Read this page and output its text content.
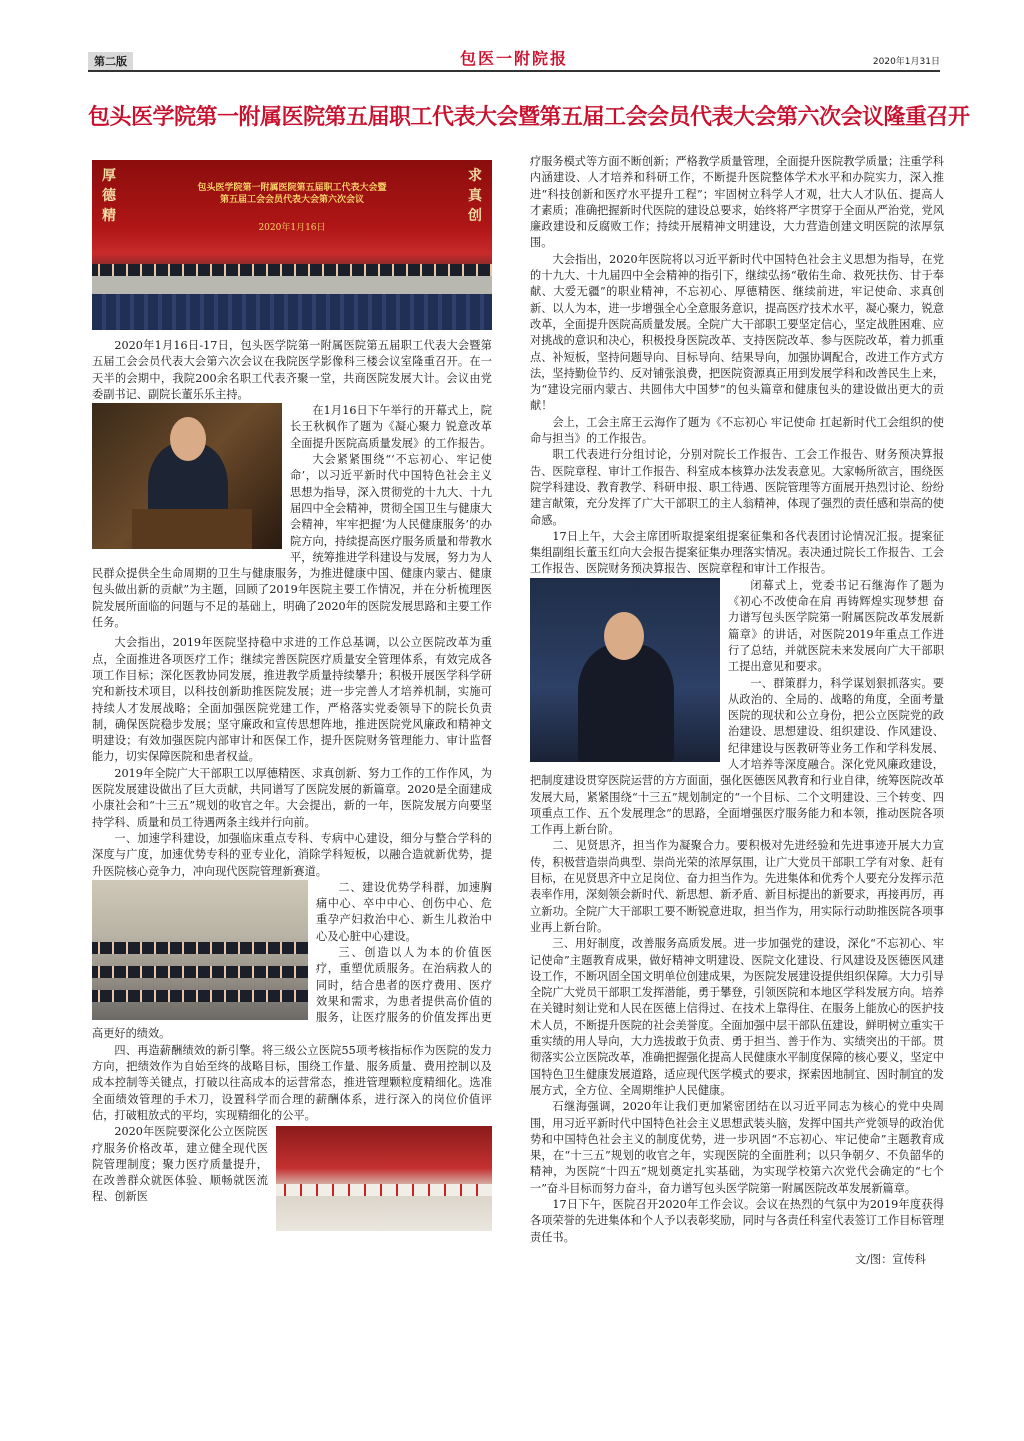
第二版	包医一附院报	2020年1月31日
包头医学院第一附属医院第五届职工代表大会暨第五届工会会员代表大会第六次会议隆重召开
厚德精
求真创
包头医学院第一附属医院第五届职工代表大会暨
第五届工会会员代表大会第六次会议
2020年1月16日

2020年1月16日-17日，包头医学院第一附属医院第五届职工代表大会暨第五届工会会员代表大会第六次会议在我院医学影像科三楼会议室隆重召开。在一天半的会期中，我院200余名职工代表齐聚一堂，共商医院发展大计。会议由党委副书记、副院长董乐乐主持。

在1月16日下午举行的开幕式上，院长王秋枫作了题为《凝心聚力 锐意改革 全面提升医院高质量发展》的工作报告。

大会紧紧围绕“‘不忘初心、牢记使命’，以习近平新时代中国特色社会主义思想为指导，深入贯彻党的十九大、十九届四中全会精神，贯彻全国卫生与健康大会精神，牢牢把握‘为人民健康服务’的办院方向，持续提高医疗服务质量和带教水平，统筹推进学科建设与发展，努力为人民群众提供全生命周期的卫生与健康服务，为推进健康中国、健康内蒙古、健康包头做出新的贡献”为主题，回顾了2019年医院主要工作情况，并在分析梳理医院发展所面临的问题与不足的基础上，明确了2020年的医院发展思路和主要工作任务。

大会指出，2019年医院坚持稳中求进的工作总基调，以公立医院改革为重点，全面推进各项医疗工作；继续完善医院医疗质量安全管理体系，有效完成各项工作目标；深化医教协同发展，推进教学质量持续攀升；积极开展医学科学研究和新技术项目，以科技创新助推医院发展；进一步完善人才培养机制，实施可持续人才发展战略；全面加强医院党建工作，严格落实党委领导下的院长负责制，确保医院稳步发展；坚守廉政和宣传思想阵地，推进医院党风廉政和精神文明建设；有效加强医院内部审计和医保工作，提升医院财务管理能力、审计监督能力，切实保障医院和患者权益。

2019年全院广大干部职工以厚德精医、求真创新、努力工作的工作作风，为医院发展建设做出了巨大贡献，共同谱写了医院发展的新篇章。2020是全面建成小康社会和“十三五”规划的收官之年。大会提出，新的一年，医院发展方向要坚持学科、质量和员工待遇两条主线并行向前。

一、加速学科建设，加强临床重点专科、专病中心建设，细分与整合学科的深度与广度，加速优势专科的亚专业化，消除学科短板，以融合造就新优势，提升医院核心竞争力，冲向现代医院管理新赛道。

二、建设优势学科群，加速胸痛中心、卒中中心、创伤中心、危重孕产妇救治中心、新生儿救治中心及心脏中心建设。

三、创造以人为本的价值医疗，重塑优质服务。在治病救人的同时，结合患者的医疗费用、医疗效果和需求，为患者提供高价值的服务，让医疗服务的价值发挥出更高更好的绩效。

四、再造薪酬绩效的新引擎。将三级公立医院55项考核指标作为医院的发力方向，把绩效作为自始至终的战略目标，围绕工作量、服务质量、费用控制以及成本控制等关键点，打破以往高成本的运营常态，推进管理颗粒度精细化。选准全面绩效管理的手术刀，设置科学而合理的薪酬体系，进行深入的岗位价值评估，打破粗放式的平均，实现精细化的公平。

2020年医院要深化公立医院医疗服务价格改革，建立健全现代医院管理制度；聚力医疗质量提升，在改善群众就医体验、顺畅就医流程、创新医

疗服务模式等方面不断创新；严格教学质量管理，全面提升医院教学质量；注重学科内涵建设、人才培养和科研工作，不断提升医院整体学术水平和办院实力，深入推进“科技创新和医疗水平提升工程”；牢固树立科学人才观，壮大人才队伍、提高人才素质；准确把握新时代医院的建设总要求，始终将严字贯穿于全面从严治党，党风廉政建设和反腐败工作；持续开展精神文明建设，大力营造创建文明医院的浓厚氛围。

大会指出，2020年医院将以习近平新时代中国特色社会主义思想为指导，在党的十九大、十九届四中全会精神的指引下，继续弘扬“敬佑生命、救死扶伤、甘于奉献、大爱无疆”的职业精神，不忘初心、厚德精医、继续前进，牢记使命、求真创新、以人为本，进一步增强全心全意服务意识，提高医疗技术水平，凝心聚力，锐意改革，全面提升医院高质量发展。全院广大干部职工要坚定信心，坚定战胜困难、应对挑战的意识和决心，积极投身医院改革、支持医院改革、参与医院改革，着力抓重点、补短板，坚持问题导向、目标导向、结果导向，加强协调配合，改进工作方式方法，坚持勤俭节约、反对铺张浪费，把医院资源真正用到发展学科和改善民生上来，为“建设完丽内蒙古、共圆伟大中国梦”的包头篇章和健康包头的建设做出更大的贡献！

会上，工会主席王云海作了题为《不忘初心 牢记使命 扛起新时代工会组织的使命与担当》的工作报告。

职工代表进行分组讨论，分别对院长工作报告、工会工作报告、财务预决算报告、医院章程、审计工作报告、科室成本核算办法发表意见。大家畅所欲言，围绕医院学科建设、教育教学、科研申报、职工待遇、医院管理等方面展开热烈讨论、纷纷建言献策，充分发挥了广大干部职工的主人翁精神，体现了强烈的责任感和崇高的使命感。

17日上午，大会主席团听取提案组提案征集和各代表团讨论情况汇报。提案征集组副组长董玉红向大会报告提案征集办理落实情况。表决通过院长工作报告、工会工作报告、医院财务预决算报告、医院章程和审计工作报告。

闭幕式上，党委书记石继海作了题为《初心不改使命在肩 再铸辉煌实现梦想 奋力谱写包头医学院第一附属医院改革发展新篇章》的讲话，对医院2019年重点工作进行了总结，并就医院未来发展向广大干部职工提出意见和要求。

一、群策群力，科学谋划狠抓落实。要从政治的、全局的、战略的角度，全面考量医院的现状和公立身份，把公立医院党的政治建设、思想建设、组织建设、作风建设、纪律建设与医教研等业务工作和学科发展、人才培养等深度融合。深化党风廉政建设，把制度建设贯穿医院运营的方方面面，强化医德医风教育和行业自律，统筹医院改革发展大局，紧紧围绕“十三五”规划制定的“一个目标、二个文明建设、三个转变、四项重点工作、五个发展理念”的思路，全面增强医疗服务能力和本领，推动医院各项工作再上新台阶。

二、见贤思齐，担当作为凝聚合力。要积极对先进经验和先进事迹开展大力宣传，积极营造崇尚典型、崇尚光荣的浓厚氛围，让广大党员干部职工学有对象、赶有目标，在见贤思齐中立足岗位、奋力担当作为。先进集体和优秀个人要充分发挥示范表率作用，深刻领会新时代、新思想、新矛盾、新目标提出的新要求，再接再厉，再立新功。全院广大干部职工要不断锐意进取，担当作为，用实际行动助推医院各项事业再上新台阶。

三、用好制度，改善服务高质发展。进一步加强党的建设，深化“不忘初心、牢记使命”主题教育成果，做好精神文明建设、医院文化建设、行风建设及医德医风建设工作，不断巩固全国文明单位创建成果，为医院发展建设提供组织保障。大力引导全院广大党员干部职工发挥潜能，勇于攀登，引领医院和本地区学科发展方向。培养在关键时刻让党和人民在医德上信得过、在技术上靠得住、在服务上能放心的医护技术人员，不断提升医院的社会美誉度。全面加强中层干部队伍建设，鲜明树立重实干重实绩的用人导向，大力选拔敢于负责、勇于担当、善于作为、实绩突出的干部。贯彻落实公立医院改革，准确把握强化提高人民健康水平制度保障的核心要义，坚定中国特色卫生健康发展道路，适应现代医学模式的要求，探索因地制宜、因时制宜的发展方式，全方位、全周期维护人民健康。

石继海强调，2020年让我们更加紧密团结在以习近平同志为核心的党中央周围，用习近平新时代中国特色社会主义思想武装头脑，发挥中国共产党领导的政治优势和中国特色社会主义的制度优势，进一步巩固“不忘初心、牢记使命”主题教育成果，在“十三五”规划的收官之年，实现医院的全面胜利；以只争朝夕、不负韶华的精神，为医院“十四五”规划奠定扎实基础，为实现学校第六次党代会确定的“七个一”奋斗目标而努力奋斗，奋力谱写包头医学院第一附属医院改革发展新篇章。

17日下午，医院召开2020年工作会议。会议在热烈的气氛中为2019年度获得各项荣誉的先进集体和个人予以表彰奖励，同时与各责任科室代表签订工作目标管理责任书。

文/图：宣传科
